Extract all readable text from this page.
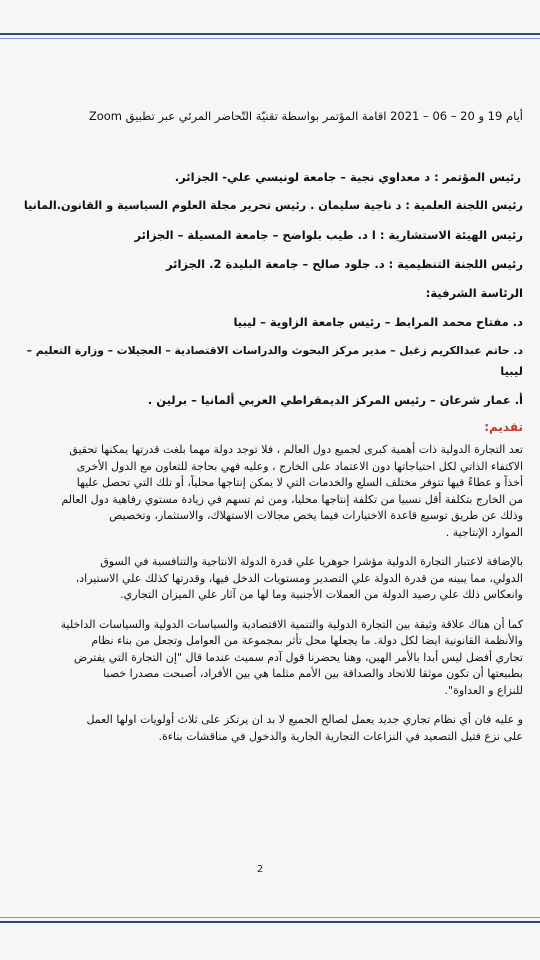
أيام 19 و 20 – 06 – 2021 اقامة المؤتمر بواسطة تقنيّة التّحاضر المرئي عبر تطبيق Zoom
رئيس المؤتمر : د معداوي نجية – جامعة لونيسي علي- الجزائر.
رئيس اللجنة العلمية : د ناجية سليمان . رئيس تحرير مجلة العلوم السياسية و القانون.المانيا
رئيس الهيئة الاستشارية : ا د. طيب بلواضح – جامعة المسيلة – الجزائر
رئيس اللجنة التنظيمية : د. جلود صالح – جامعة البليدة 2. الجزائر
الرئاسة الشرفية:
د. مفتاح محمد المرابط – رئيس جامعة الزاوية – ليبيا
د. حاتم عبدالكريم زغبل – مدير مركز البحوث والدراسات الاقتصادية – العجيلات – وزارة التعليم –
ليبيا
أ. عمار شرعان – رئيس المركز الديمقراطي العربي ألمانيا – برلين .
تقديم:
تعد التجارة الدولية ذات أهمية كبرى لجميع دول العالم ، فلا توجد دولة مهما بلغت قدرتها يمكنها تحقيق
الاكتفاء الذاتي لكل احتياجاتها دون الاعتماد على الخارج ، وعليه فهي بحاجة للتعاون مع الدول الأخرى
أخذاً و عطاءً فيها تتوفر مختلف السلع والخدمات التي لا يمكن إنتاجها محلياً، أو تلك التي تحصل عليها
من الخارج بتكلفة أقل نسبيا من تكلفة إنتاجها محليا، ومن ثم تسهم في زيادة مستوي رفاهية دول العالم
وذلك عن طريق توسيع قاعدة الاختيارات فيما يخص مجالات الاستهلاك، والاستثمار، وتخصيص
الموارد الإنتاجية .
بالإضافة لاعتبار التجارة الدولية مؤشرا جوهريا علي قدرة الدولة الانتاجية والتنافسية في السوق
الدولي، مما يبينه من قدرة الدولة علي التصدير ومستويات الدخل فيها، وقدرتها كذلك علي الاستيراد،
وانعكاس ذلك علي رصيد الدولة من العملات الأجنبية وما لها من آثار علي الميزان التجاري.
كما أن هناك علاقة وثيقة بين التجارة الدولية والتنمية الاقتصادية والسياسات الدولية والسياسات الداخلية
والأنظمة القانونية ايضا لكل دولة. ما يجعلها محل تأثر بمجموعة من العوامل وتجعل من بناء نظام
تجاري أفضل ليس أبدا بالأمر الهين، وهنا يحضرنا قول آدم سميث عندما قال "إن التجارة التي يفترض
بطبيعتها أن تكون موثقا للاتحاد والصداقة بين الأمم مثلما هي بين الأفراد، أصبحت مصدرا خصبا
للنزاع و العداوة".
و عليه فان أي نظام تجاري جديد يعمل لصالح الجميع لا بد ان يرتكز على ثلاث أولويات اولها العمل
على نزع فتيل التصعيد في النزاعات التجارية الجارية والدخول في مناقشات بناءة.
2
